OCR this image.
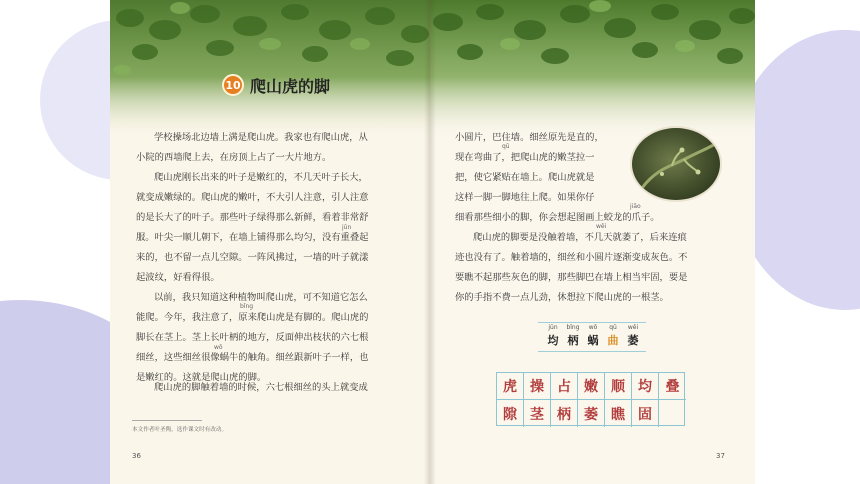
10 爬山虎的脚
学校操场北边墙上满是爬山虎。我家也有爬山虎，从
小院的西墙爬上去，在房顶上占了一大片地方。
爬山虎刚长出来的叶子是嫩红的，不几天叶子长大，
就变成嫩绿的。爬山虎的嫩叶，不大引人注意，引人注意
的是长大了的叶子。那些叶子绿得那么新鲜，看着非常舒
服。叶尖一顺儿朝下，在墙上铺得那么均匀，没有重叠起
来的，也不留一点儿空隙。一阵风拂过，一墙的叶子就漾
起波纹，好看得很。
jūn
以前，我只知道这种植物叫爬山虎，可不知道它怎么
能爬。今年，我注意了，原来爬山虎是有脚的。爬山虎的
脚长在茎上。茎上长叶柄的地方，反面伸出枝状的六七根
细丝，这些细丝很像蜗牛的触角。细丝跟新叶子一样，也
是嫩红的。这就是爬山虎的脚。
bǐng
wō
爬山虎的脚触着墙的时候，六七根细丝的头上就变成
本文作者叶圣陶，选作课文时有改动。
36
小圆片，巴住墙。细丝原先是直的，
现在弯曲了，把爬山虎的嫩茎拉一
把，使它紧贴在墙上。爬山虎就是
这样一脚一脚地往上爬。如果你仔
细看那些细小的脚，你会想起图画上蛟龙的爪子。
qū
jiāo
爬山虎的脚要是没触着墙，不几天就萎了，后来连痕
迹也没有了。触着墙的，细丝和小圆片逐渐变成灰色。不
要瞧不起那些灰色的脚，那些脚巴在墙上相当牢固，要是
你的手指不费一点儿劲，休想拉下爬山虎的一根茎。
wěi
jūn
均
bǐng
柄
wō
蜗
qū
曲
wěi
萎
虎 操 占 嫩 顺 均 叠
隙 茎 柄 萎 瞧 固
37
